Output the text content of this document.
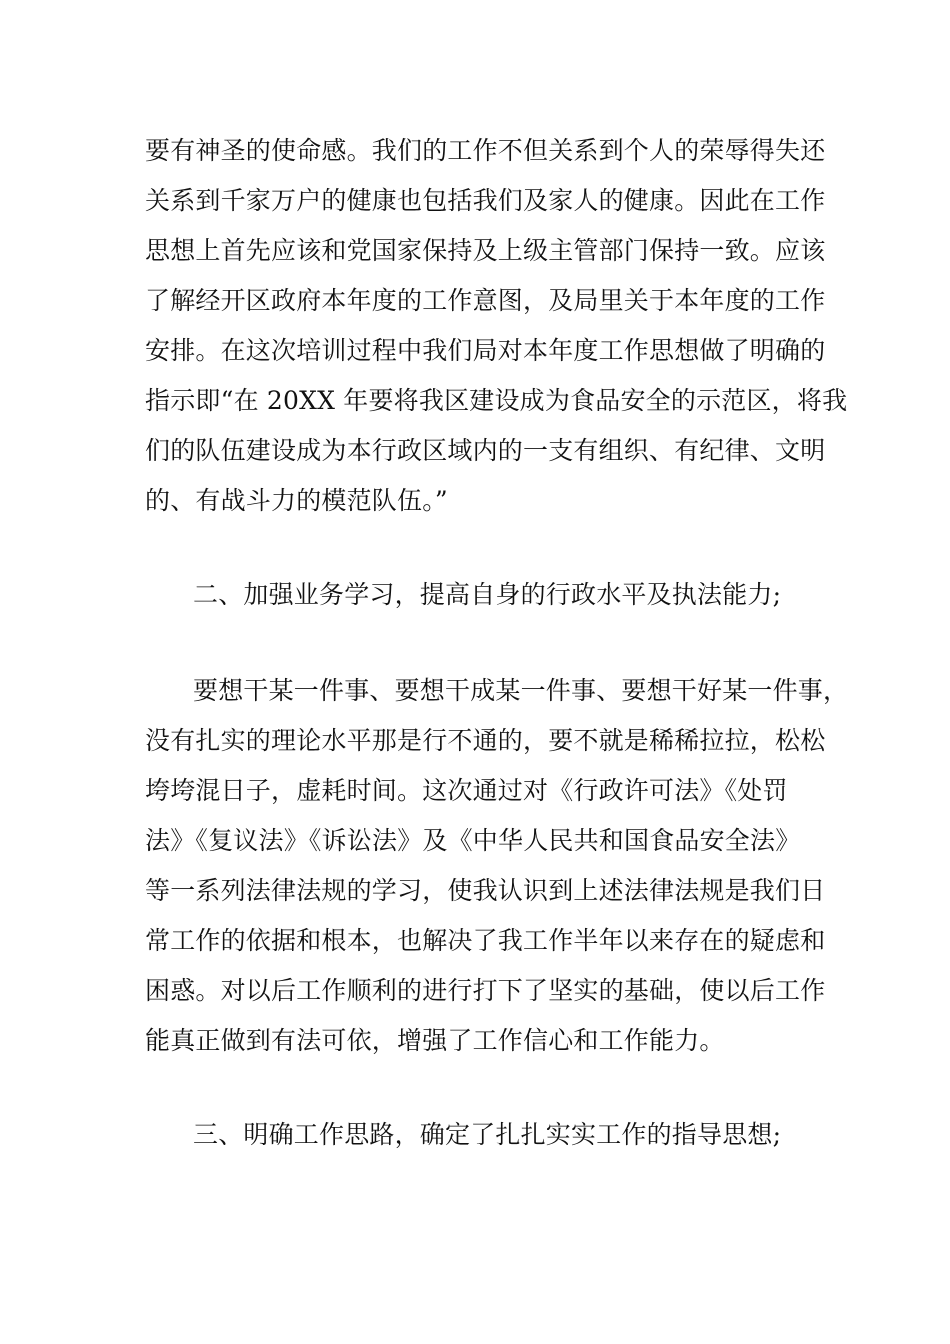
要有神圣的使命感。我们的工作不但关系到个人的荣辱得失还
关系到千家万户的健康也包括我们及家人的健康。因此在工作
思想上首先应该和党国家保持及上级主管部门保持一致。应该
了解经开区政府本年度的工作意图，及局里关于本年度的工作
安排。在这次培训过程中我们局对本年度工作思想做了明确的
指示即“在 20XX 年要将我区建设成为食品安全的示范区，将我
们的队伍建设成为本行政区域内的一支有组织、有纪律、文明
的、有战斗力的模范队伍。”
二、加强业务学习，提高自身的行政水平及执法能力;
要想干某一件事、要想干成某一件事、要想干好某一件事，
没有扎实的理论水平那是行不通的，要不就是稀稀拉拉，松松
垮垮混日子，虚耗时间。这次通过对《行政许可法》《处罚
法》《复议法》《诉讼法》及《中华人民共和国食品安全法》
等一系列法律法规的学习，使我认识到上述法律法规是我们日
常工作的依据和根本，也解决了我工作半年以来存在的疑虑和
困惑。对以后工作顺利的进行打下了坚实的基础，使以后工作
能真正做到有法可依，增强了工作信心和工作能力。
三、明确工作思路，确定了扎扎实实工作的指导思想;
